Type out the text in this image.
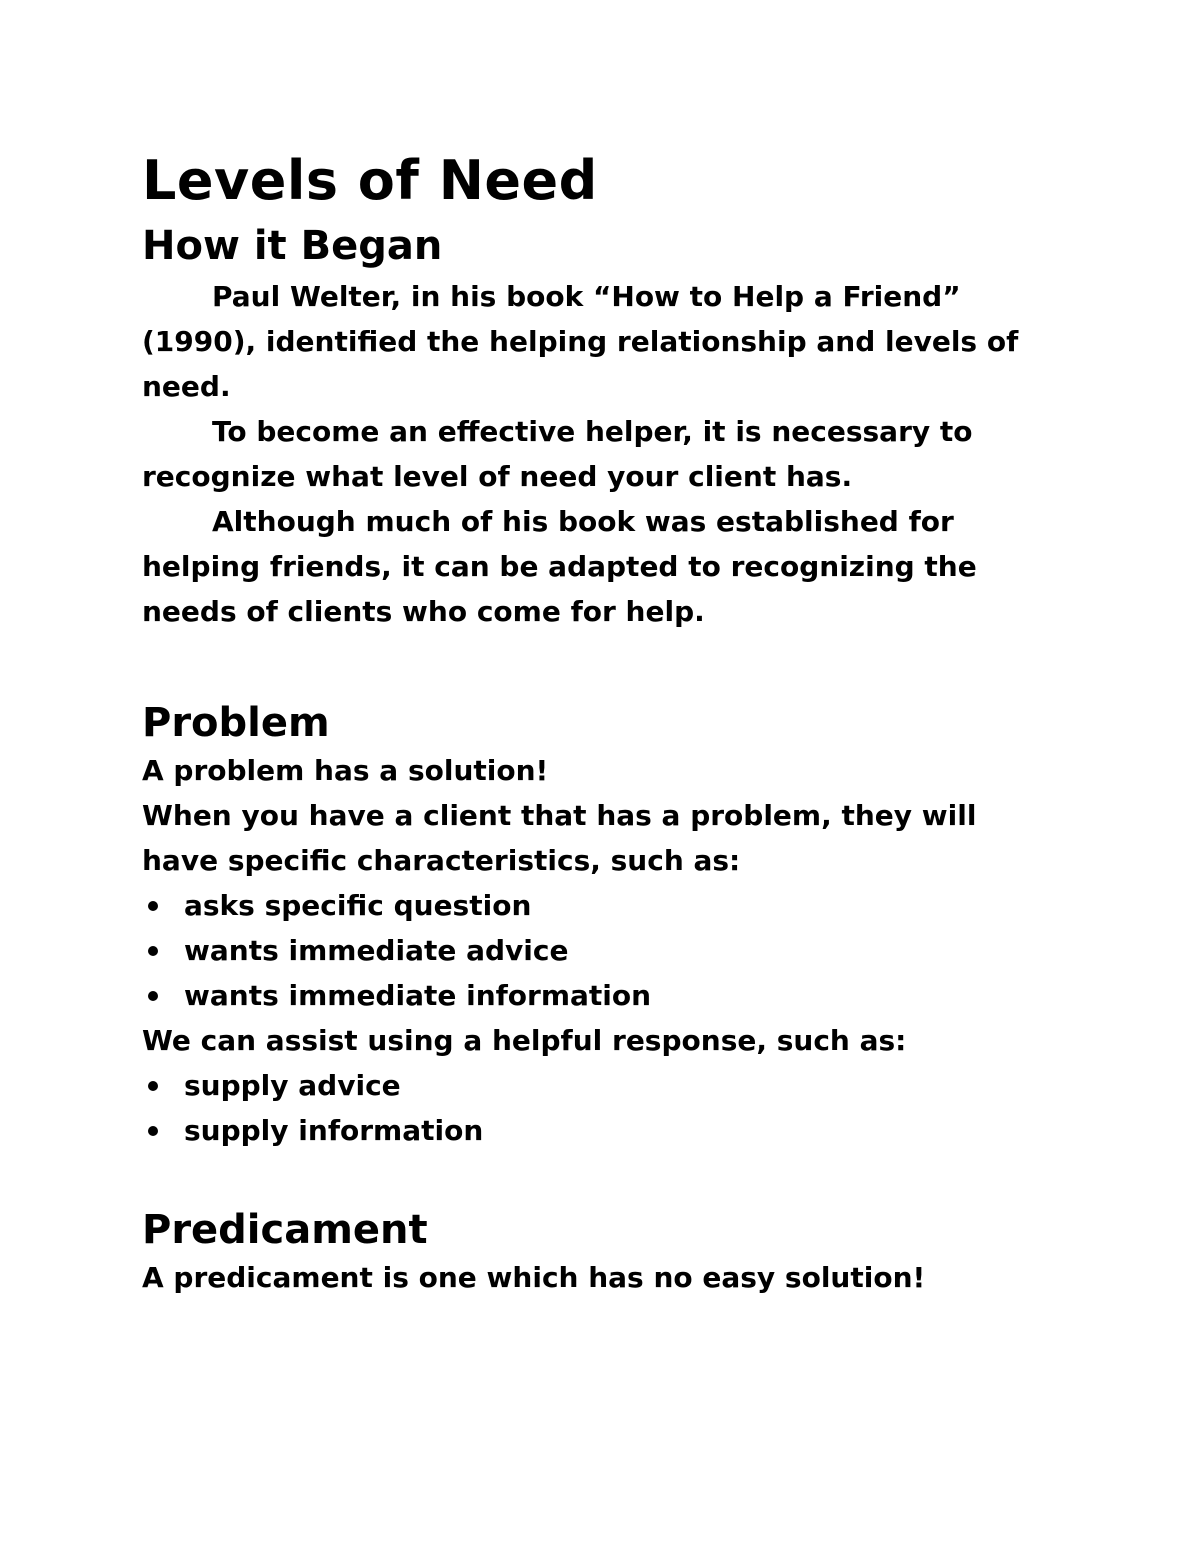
Levels of Need
How it Began

Paul Welter, in his book “How to Help a Friend” (1990), identified the helping relationship and levels of need.

To become an effective helper, it is necessary to recognize what level of need your client has.

Although much of his book was established for helping friends, it can be adapted to recognizing the needs of clients who come for help.

Problem

A problem has a solution!

When you have a client that has a problem, they will have specific characteristics, such as:

asks specific question
wants immediate advice
wants immediate information

We can assist using a helpful response, such as:

supply advice
supply information
Predicament

A predicament is one which has no easy solution!
